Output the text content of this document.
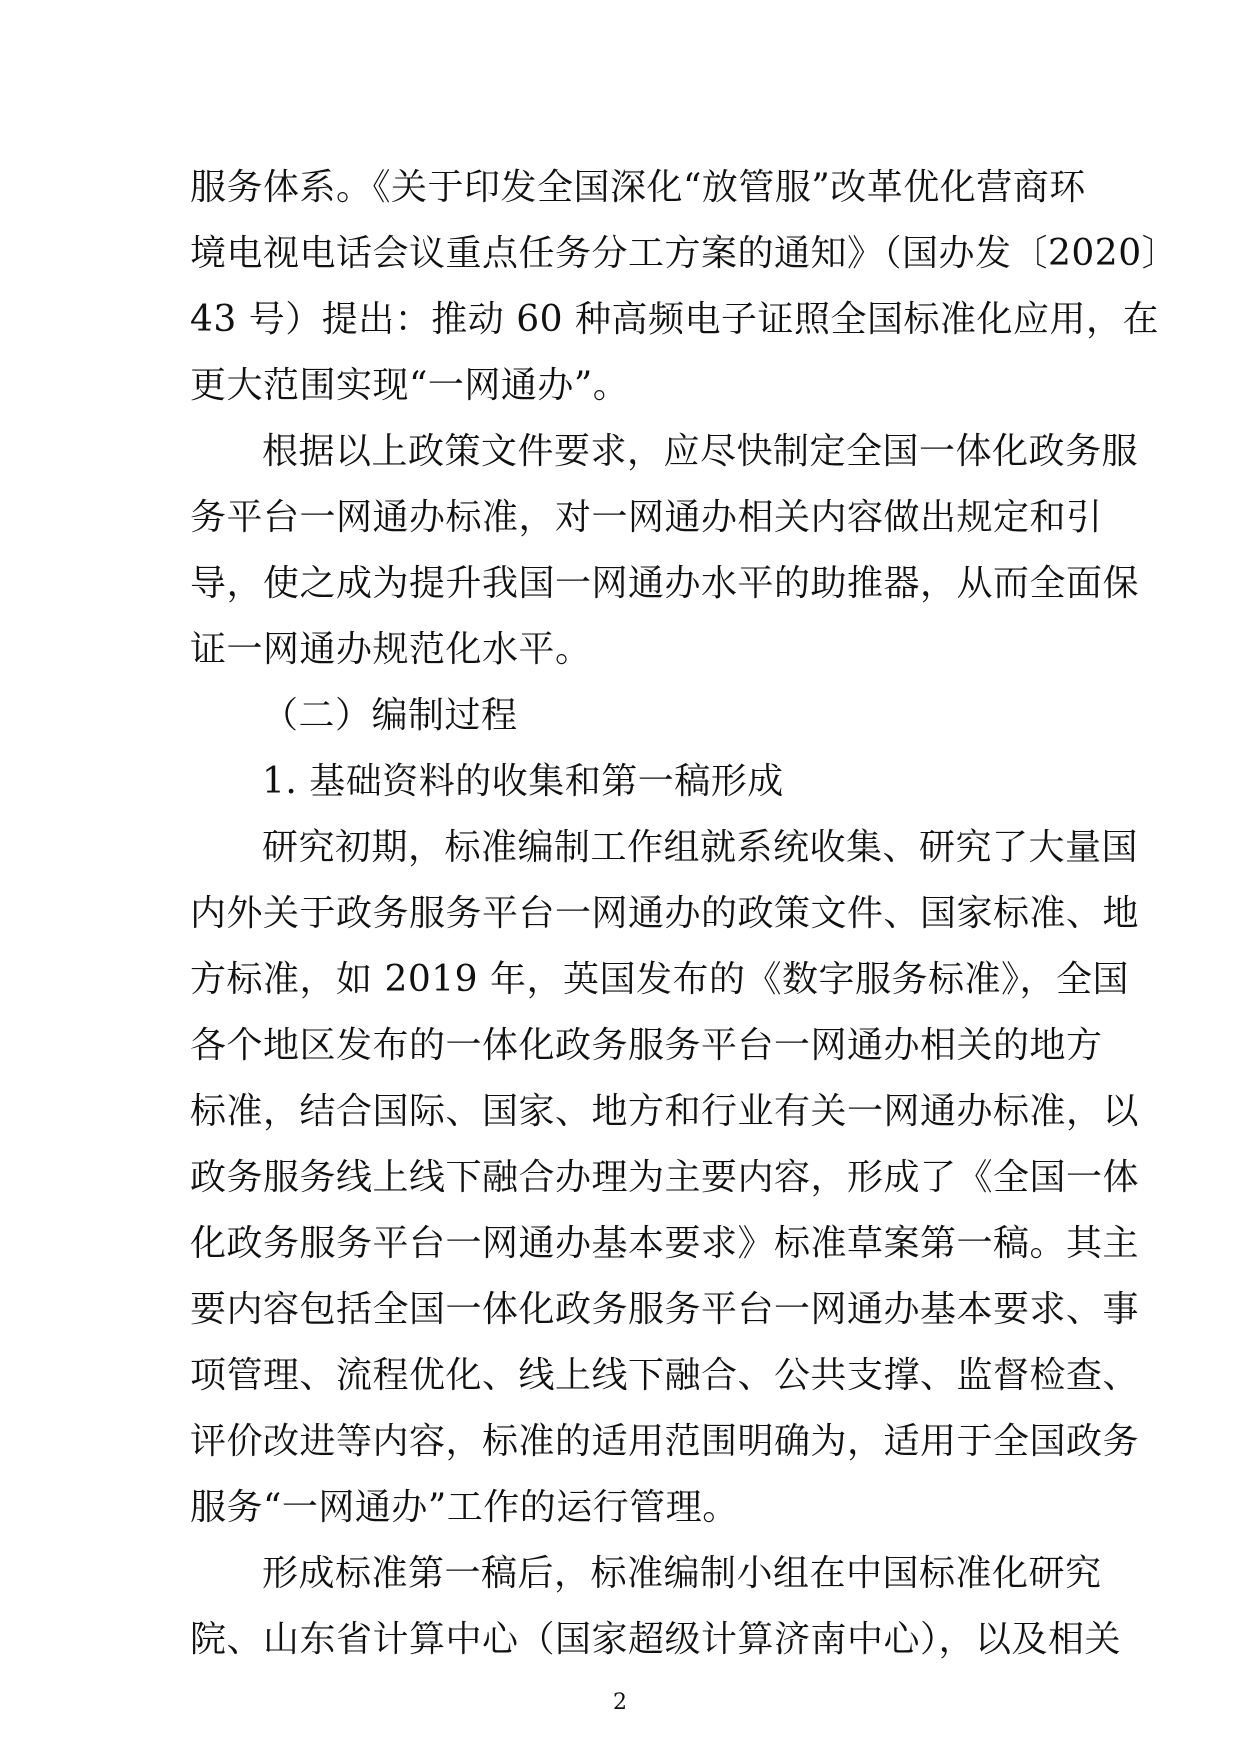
服务体系。《关于印发全国深化“放管服”改革优化营商环
境电视电话会议重点任务分工方案的通知》（国办发〔2020〕
43 号）提出：推动 60 种高频电子证照全国标准化应用，在
更大范围实现“一网通办”。
根据以上政策文件要求，应尽快制定全国一体化政务服
务平台一网通办标准，对一网通办相关内容做出规定和引
导，使之成为提升我国一网通办水平的助推器，从而全面保
证一网通办规范化水平。
（二）编制过程
1. 基础资料的收集和第一稿形成
研究初期，标准编制工作组就系统收集、研究了大量国
内外关于政务服务平台一网通办的政策文件、国家标准、地
方标准，如 2019 年，英国发布的《数字服务标准》，全国
各个地区发布的一体化政务服务平台一网通办相关的地方
标准，结合国际、国家、地方和行业有关一网通办标准，以
政务服务线上线下融合办理为主要内容，形成了《全国一体
化政务服务平台一网通办基本要求》标准草案第一稿。其主
要内容包括全国一体化政务服务平台一网通办基本要求、事
项管理、流程优化、线上线下融合、公共支撑、监督检查、
评价改进等内容，标准的适用范围明确为，适用于全国政务
服务“一网通办”工作的运行管理。
形成标准第一稿后，标准编制小组在中国标准化研究
院、山东省计算中心（国家超级计算济南中心），以及相关
2
